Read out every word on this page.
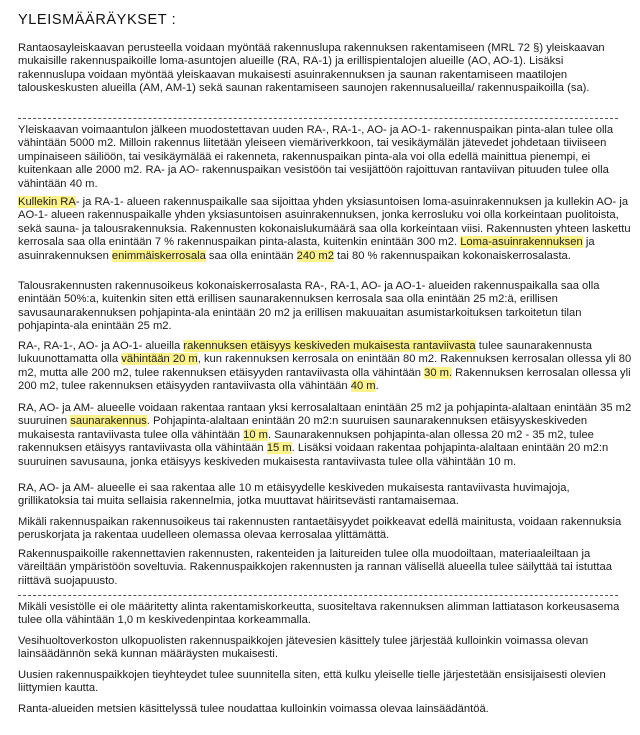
YLEISMÄÄRÄYKSET :
Rantaosayleiskaavan perusteella voidaan myöntää rakennuslupa rakennuksen rakentamiseen (MRL 72 §) yleiskaavan mukaisille rakennuspaikoille loma-asuntojen alueille (RA, RA-1) ja erillispientalojen alueille (AO, AO-1). Lisäksi rakennuslupa voidaan myöntää yleiskaavan mukaisesti asuinrakennuksen ja saunan rakentamiseen maatilojen talouskeskusten alueilla (AM, AM-1) sekä saunan rakentamiseen saunojen rakennusalueilla/ rakennuspaikoilla (sa).
Yleiskaavan voimaantulon jälkeen muodostettavan uuden RA-, RA-1-, AO- ja AO-1- rakennuspaikan pinta-alan tulee olla vähintään 5000 m2. Milloin rakennus liitetään yleiseen viemäriverkkoon, tai vesikäymälän jätevedet johdetaan tiiviiseen umpinaiseen säiliöön, tai vesikäymälää ei rakenneta, rakennuspaikan pinta-ala voi olla edellä mainittua pienempi, ei kuitenkaan alle 2000 m2. RA- ja AO- rakennuspaikan vesistöön tai vesijättöön rajoittuvan rantaviivan pituuden tulee olla vähintään 40 m.
Kullekin RA- ja RA-1- alueen rakennuspaikalle saa sijoittaa yhden yksiasuntoisen loma-asuinrakennuksen ja kullekin AO- ja AO-1- alueen rakennuspaikalle yhden yksiasuntoisen asuinrakennuksen, jonka kerrosluku voi olla korkeintaan puolitoista, sekä sauna- ja talousrakennuksia. Rakennusten kokonaislukumäärä saa olla korkeintaan viisi. Rakennusten yhteen laskettu kerrosala saa olla enintään 7 % rakennuspaikan pinta-alasta, kuitenkin enintään 300 m2. Loma-asuinrakennuksen ja asuinrakennuksen enimmäiskerrosala saa olla enintään 240 m2 tai 80 % rakennuspaikan kokonaiskerrosalasta.
Talousrakennusten rakennusoikeus kokonaiskerrosalasta RA-, RA-1, AO- ja AO-1- alueiden rakennuspaikalla saa olla enintään 50%:a, kuitenkin siten että erillisen saunarakennuksen kerrosala saa olla enintään 25 m2:ä, erillisen savusaunarakennuksen pohjapinta-ala enintään 20 m2 ja erillisen makuuaitan asumistarkoituksen tarkoitetun tilan pohjapinta-ala enintään 25 m2.
RA-, RA-1-, AO- ja AO-1- alueilla rakennuksen etäisyys keskiveden mukaisesta rantaviivasta tulee saunarakennusta lukuunottamatta olla vähintään 20 m, kun rakennuksen kerrosala on enintään 80 m2. Rakennuksen kerrosalan ollessa yli 80 m2, mutta alle 200 m2, tulee rakennuksen etäisyyden rantaviivasta olla vähintään 30 m. Rakennuksen kerrosalan ollessa yli 200 m2, tulee rakennuksen etäisyyden rantaviivasta olla vähintään 40 m.
RA, AO- ja AM- alueelle voidaan rakentaa rantaan yksi kerrosalaltaan enintään 25 m2 ja pohjapinta-alaltaan enintään 35 m2 suuruinen saunarakennus. Pohjapinta-alaltaan enintään 20 m2:n suuruisen saunarakennuksen etäisyyskeskiveden mukaisesta rantaviivasta tulee olla vähintään 10 m. Saunarakennuksen pohjapinta-alan ollessa 20 m2 - 35 m2, tulee rakennuksen etäisyys rantaviivasta olla vähintään 15 m. Lisäksi voidaan rakentaa pohjapinta-alaltaan enintään 20 m2:n suuruinen savusauna, jonka etäisyys keskiveden mukaisesta rantaviivasta tulee olla vähintään 10 m.
RA, AO- ja AM- alueelle ei saa rakentaa alle 10 m etäisyydelle keskiveden mukaisesta rantaviivasta huvimajoja, grillikatoksia tai muita sellaisia rakennelmia, jotka muuttavat häiritsevästi rantamaisemaa.
Mikäli rakennuspaikan rakennusoikeus tai rakennusten rantaetäisyydet poikkeavat edellä mainitusta, voidaan rakennuksia peruskorjata ja rakentaa uudelleen olemassa olevaa kerrosalaa ylittämättä.
Rakennuspaikoille rakennettavien rakennusten, rakenteiden ja laitureiden tulee olla muodoiltaan, materiaaleiltaan ja väreiltään ympäristöön soveltuvia. Rakennuspaikkojen rakennusten ja rannan välisellä alueella tulee säilyttää tai istuttaa riittävä suojapuusto.
Mikäli vesistölle ei ole määritetty alinta rakentamiskorkeutta, suositeltava rakennuksen alimman lattiatason korkeusasema tulee olla vähintään 1,0 m keskivedenpintaa korkeammalla.
Vesihuoltoverkoston ulkopuolisten rakennuspaikkojen jätevesien käsittely tulee järjestää kulloinkin voimassa olevan lainsäädännön sekä kunnan määräysten mukaisesti.
Uusien rakennuspaikkojen tieyhteydet tulee suunnitella siten, että kulku yleiselle tielle järjestetään ensisijaisesti olevien liittymien kautta.
Ranta-alueiden metsien käsittelyssä tulee noudattaa kulloinkin voimassa olevaa lainsäädäntöä.
